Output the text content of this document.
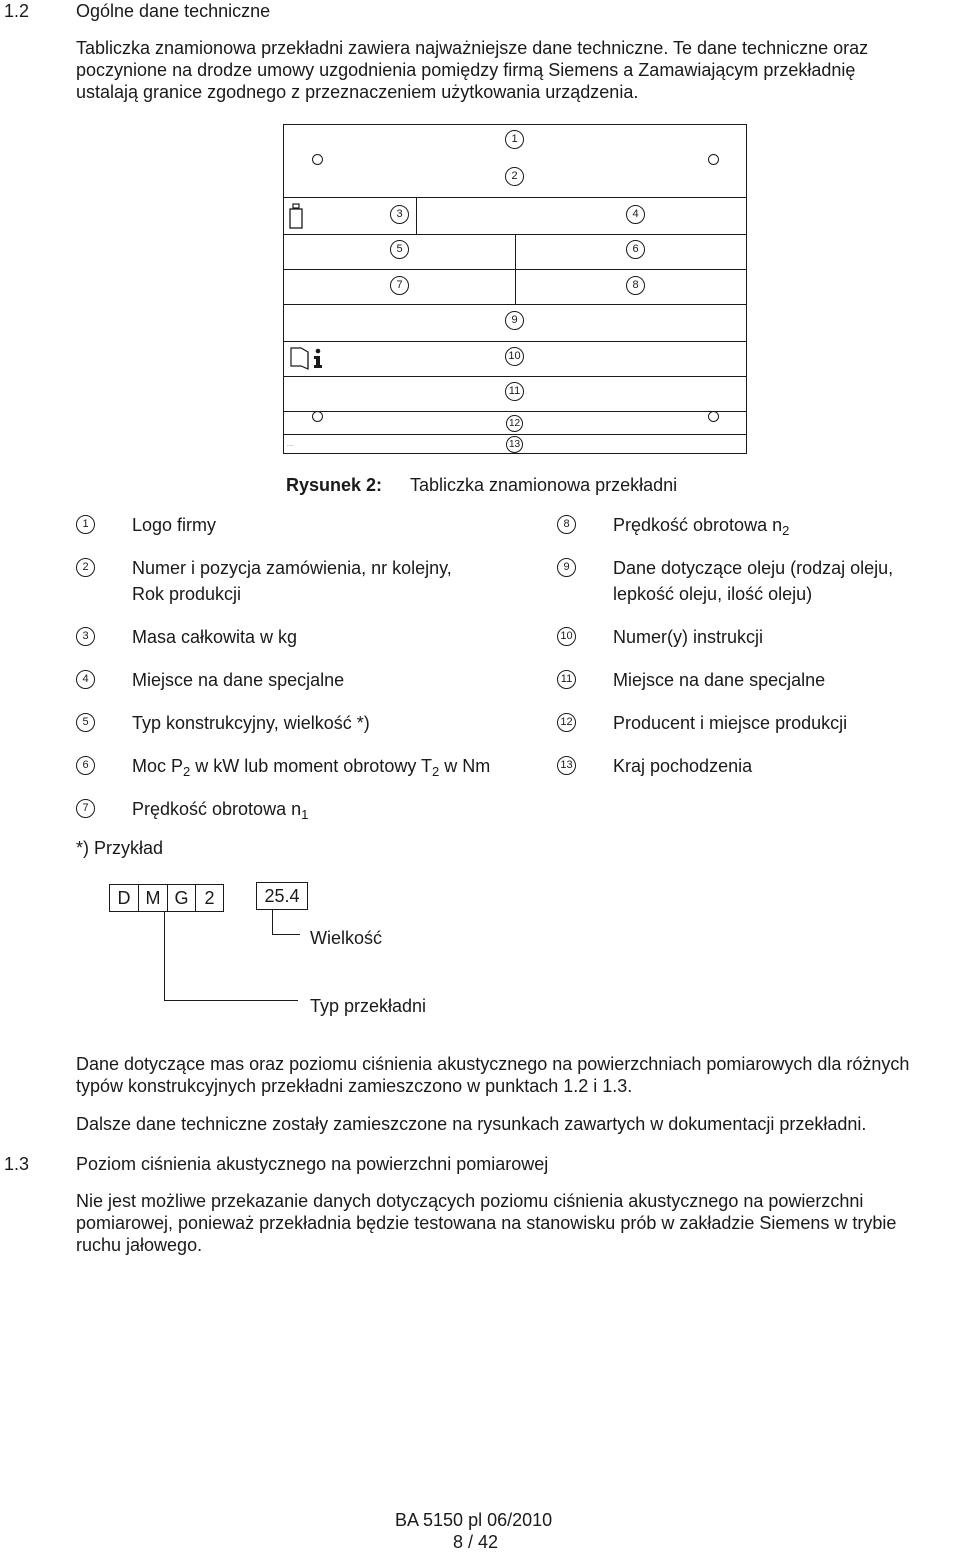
1.2	Ogólne dane techniczne
Tabliczka znamionowa przekładni zawiera najważniejsze dane techniczne. Te dane techniczne oraz
poczynione na drodze umowy uzgodnienia pomiędzy firmą Siemens a Zamawiającym przekładnię
ustalają granice zgodnego z przeznaczeniem użytkowania urządzenia.
....
1
2
3	4
5	6
7	8
9
10
11
12
13
Rysunek 2: Tabliczka znamionowa przekładni
1	Logo firmy
2	Numer i pozycja zamówienia, nr kolejny,
Rok produkcji
3	Masa całkowita w kg
4	Miejsce na dane specjalne
5	Typ konstrukcyjny, wielkość *)
6	Moc $P_2$ w kW lub moment obrotowy $T_2$ w Nm
7	Prędkość obrotowa $n_1$
8	Prędkość obrotowa $n_2$
9	Dane dotyczące oleju (rodzaj oleju,
lepkość oleju, ilość oleju)
10 Numer(y) instrukcji
11 Miejsce na dane specjalne
12 Producent i miejsce produkcji
13 Kraj pochodzenia
*) Przykład
D M G 2	25.4
Wielkość
Typ przekładni
Dane dotyczące mas oraz poziomu ciśnienia akustycznego na powierzchniach pomiarowych dla różnych
typów konstrukcyjnych przekładni zamieszczono w punktach 1.2 i 1.3.
Dalsze dane techniczne zostały zamieszczone na rysunkach zawartych w dokumentacji przekładni.
1.3	Poziom ciśnienia akustycznego na powierzchni pomiarowej
Nie jest możliwe przekazanie danych dotyczących poziomu ciśnienia akustycznego na powierzchni
pomiarowej, ponieważ przekładnia będzie testowana na stanowisku prób w zakładzie Siemens w trybie
ruchu jałowego.
BA 5150 pl 06/2010
8 / 42
